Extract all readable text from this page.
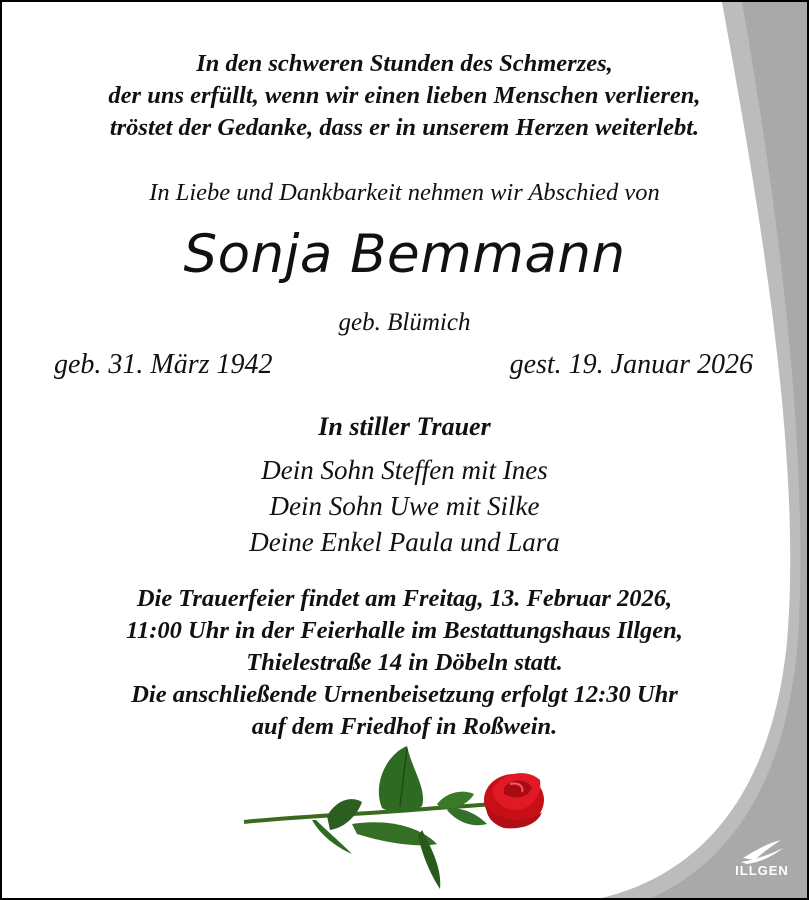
In den schweren Stunden des Schmerzes,
der uns erfüllt, wenn wir einen lieben Menschen verlieren,
tröstet der Gedanke, dass er in unserem Herzen weiterlebt.
In Liebe und Dankbarkeit nehmen wir Abschied von
Sonja Bemmann
geb. Blümich
geb. 31. März 1942	gest. 19. Januar 2026
In stiller Trauer
Dein Sohn Steffen mit Ines
Dein Sohn Uwe mit Silke
Deine Enkel Paula und Lara
Die Trauerfeier findet am Freitag, 13. Februar 2026,
11:00 Uhr in der Feierhalle im Bestattungshaus Illgen,
Thielestraße 14 in Döbeln statt.
Die anschließende Urnenbeisetzung erfolgt 12:30 Uhr
auf dem Friedhof in Roßwein.
ILLGEN
